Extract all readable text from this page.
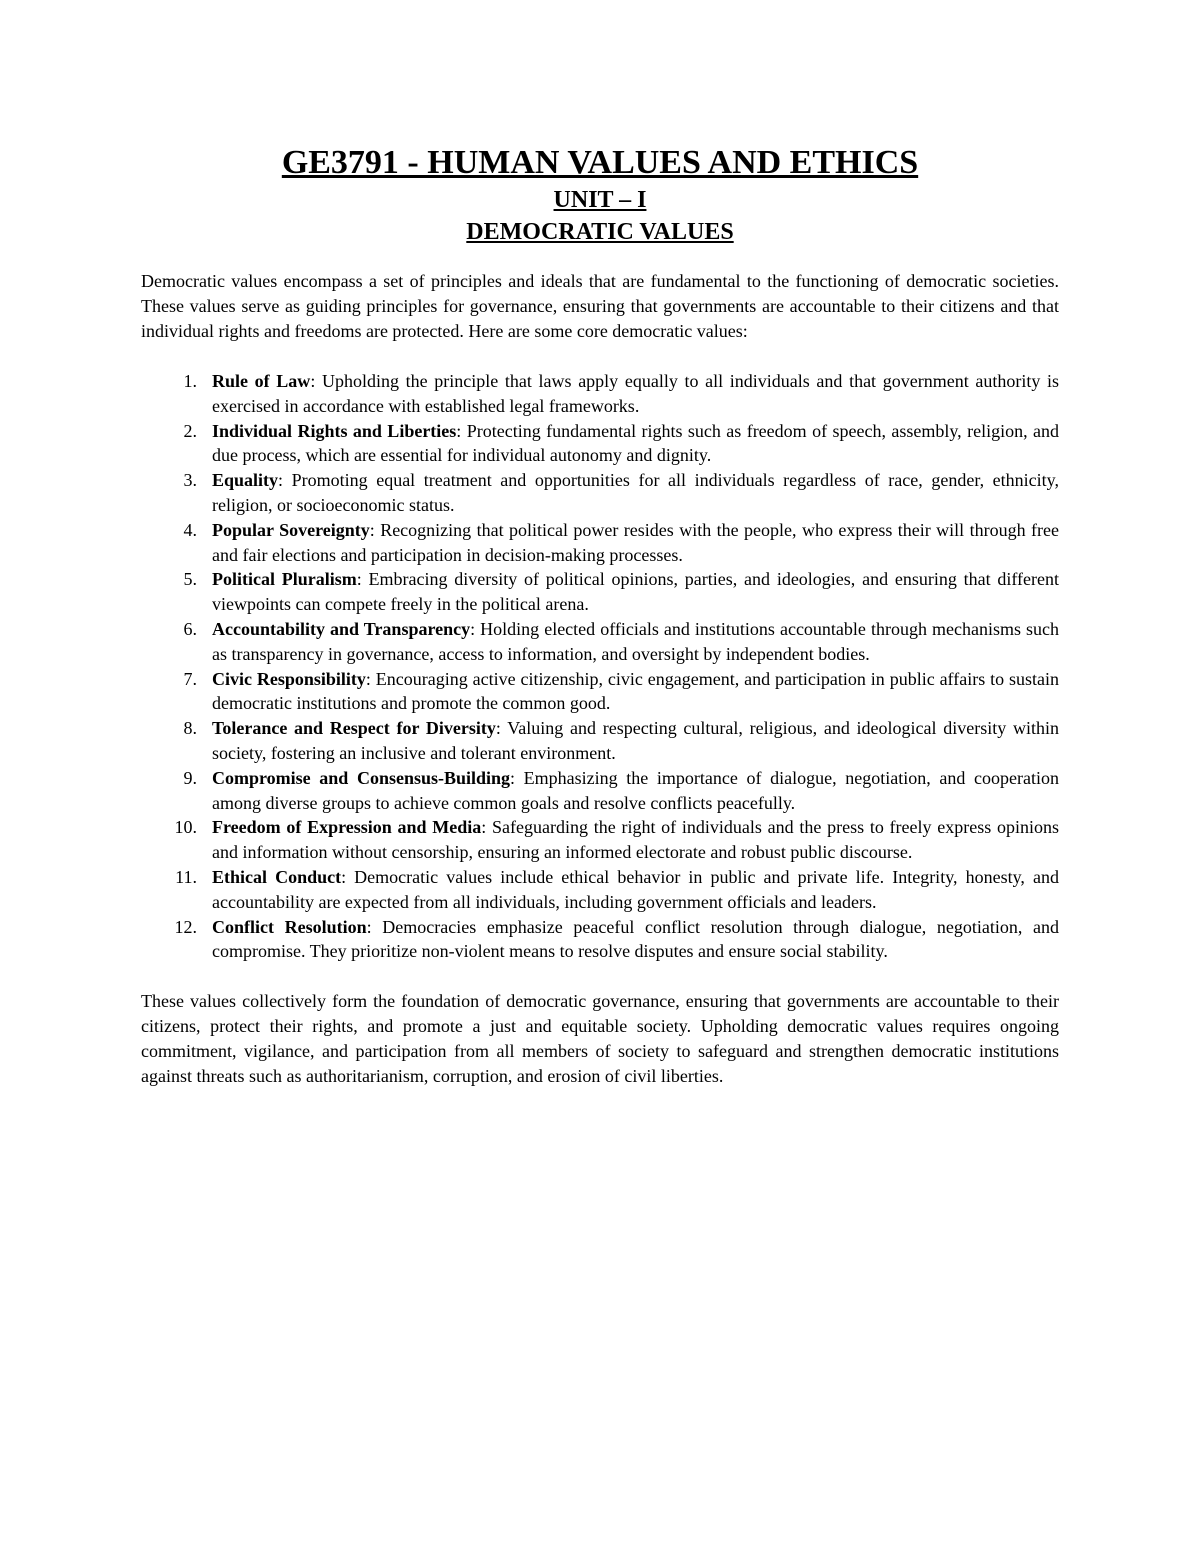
GE3791 - HUMAN VALUES AND ETHICS
UNIT – I
DEMOCRATIC VALUES

Democratic values encompass a set of principles and ideals that are fundamental to the functioning of democratic societies. These values serve as guiding principles for governance, ensuring that governments are accountable to their citizens and that individual rights and freedoms are protected. Here are some core democratic values:

1. Rule of Law: Upholding the principle that laws apply equally to all individuals and that government authority is exercised in accordance with established legal frameworks.
2. Individual Rights and Liberties: Protecting fundamental rights such as freedom of speech, assembly, religion, and due process, which are essential for individual autonomy and dignity.
3. Equality: Promoting equal treatment and opportunities for all individuals regardless of race, gender, ethnicity, religion, or socioeconomic status.
4. Popular Sovereignty: Recognizing that political power resides with the people, who express their will through free and fair elections and participation in decision-making processes.
5. Political Pluralism: Embracing diversity of political opinions, parties, and ideologies, and ensuring that different viewpoints can compete freely in the political arena.
6. Accountability and Transparency: Holding elected officials and institutions accountable through mechanisms such as transparency in governance, access to information, and oversight by independent bodies.
7. Civic Responsibility: Encouraging active citizenship, civic engagement, and participation in public affairs to sustain democratic institutions and promote the common good.
8. Tolerance and Respect for Diversity: Valuing and respecting cultural, religious, and ideological diversity within society, fostering an inclusive and tolerant environment.
9. Compromise and Consensus-Building: Emphasizing the importance of dialogue, negotiation, and cooperation among diverse groups to achieve common goals and resolve conflicts peacefully.
10. Freedom of Expression and Media: Safeguarding the right of individuals and the press to freely express opinions and information without censorship, ensuring an informed electorate and robust public discourse.
11. Ethical Conduct: Democratic values include ethical behavior in public and private life. Integrity, honesty, and accountability are expected from all individuals, including government officials and leaders.
12. Conflict Resolution: Democracies emphasize peaceful conflict resolution through dialogue, negotiation, and compromise. They prioritize non-violent means to resolve disputes and ensure social stability.

These values collectively form the foundation of democratic governance, ensuring that governments are accountable to their citizens, protect their rights, and promote a just and equitable society. Upholding democratic values requires ongoing commitment, vigilance, and participation from all members of society to safeguard and strengthen democratic institutions against threats such as authoritarianism, corruption, and erosion of civil liberties.
